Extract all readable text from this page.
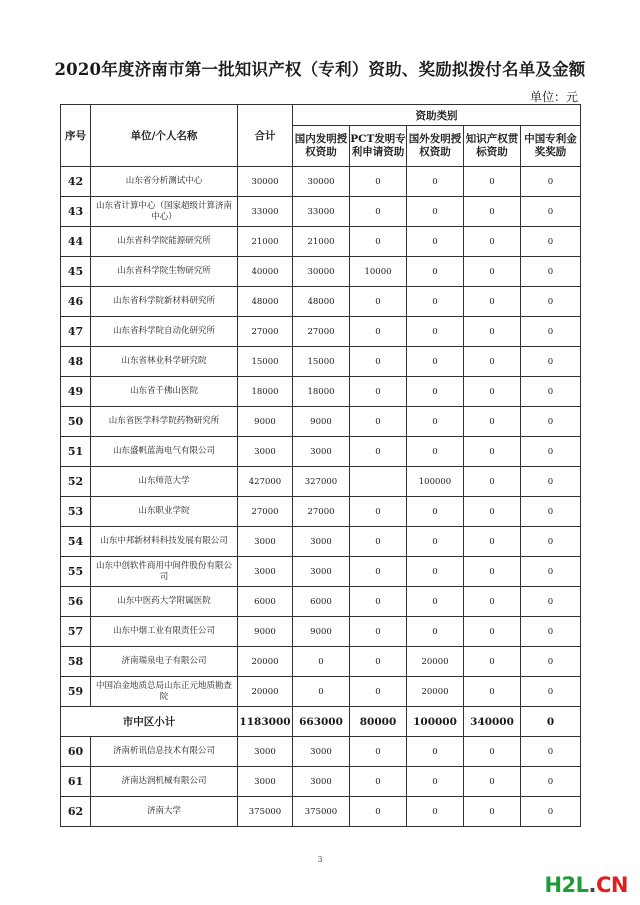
2020年度济南市第一批知识产权（专利）资助、奖励拟拨付名单及金额
单位：元
序号	单位/个人名称	合计	资助类别				
			国内发明授权资助	PCT发明专利申请资助	国外发明授权资助	知识产权贯标资助	中国专利金奖奖励
42	山东省分析测试中心	30000	30000	0	0	0	0
43	山东省计算中心（国家超级计算济南中心）	33000	33000	0	0	0	0
44	山东省科学院能源研究所	21000	21000	0	0	0	0
45	山东省科学院生物研究所	40000	30000	10000	0	0	0
46	山东省科学院新材料研究所	48000	48000	0	0	0	0
47	山东省科学院自动化研究所	27000	27000	0	0	0	0
48	山东省林业科学研究院	15000	15000	0	0	0	0
49	山东省千佛山医院	18000	18000	0	0	0	0
50	山东省医学科学院药物研究所	9000	9000	0	0	0	0
51	山东盛帆蓝海电气有限公司	3000	3000	0	0	0	0
52	山东师范大学	427000	327000		100000	0	0
53	山东职业学院	27000	27000	0	0	0	0
54	山东中邦新材料科技发展有限公司	3000	3000	0	0	0	0
55	山东中创软件商用中间件股份有限公司	3000	3000	0	0	0	0
56	山东中医药大学附属医院	6000	6000	0	0	0	0
57	山东中烟工业有限责任公司	9000	9000	0	0	0	0
58	济南瑞泉电子有限公司	20000	0	0	20000	0	0
59	中国冶金地质总局山东正元地质勘查院	20000	0	0	20000	0	0
市中区小计		1183000	663000	80000	100000	340000	0
60	济南析讯信息技术有限公司	3000	3000	0	0	0	0
61	济南达润机械有限公司	3000	3000	0	0	0	0
62	济南大学	375000	375000	0	0	0	0
3
H2L.CN
